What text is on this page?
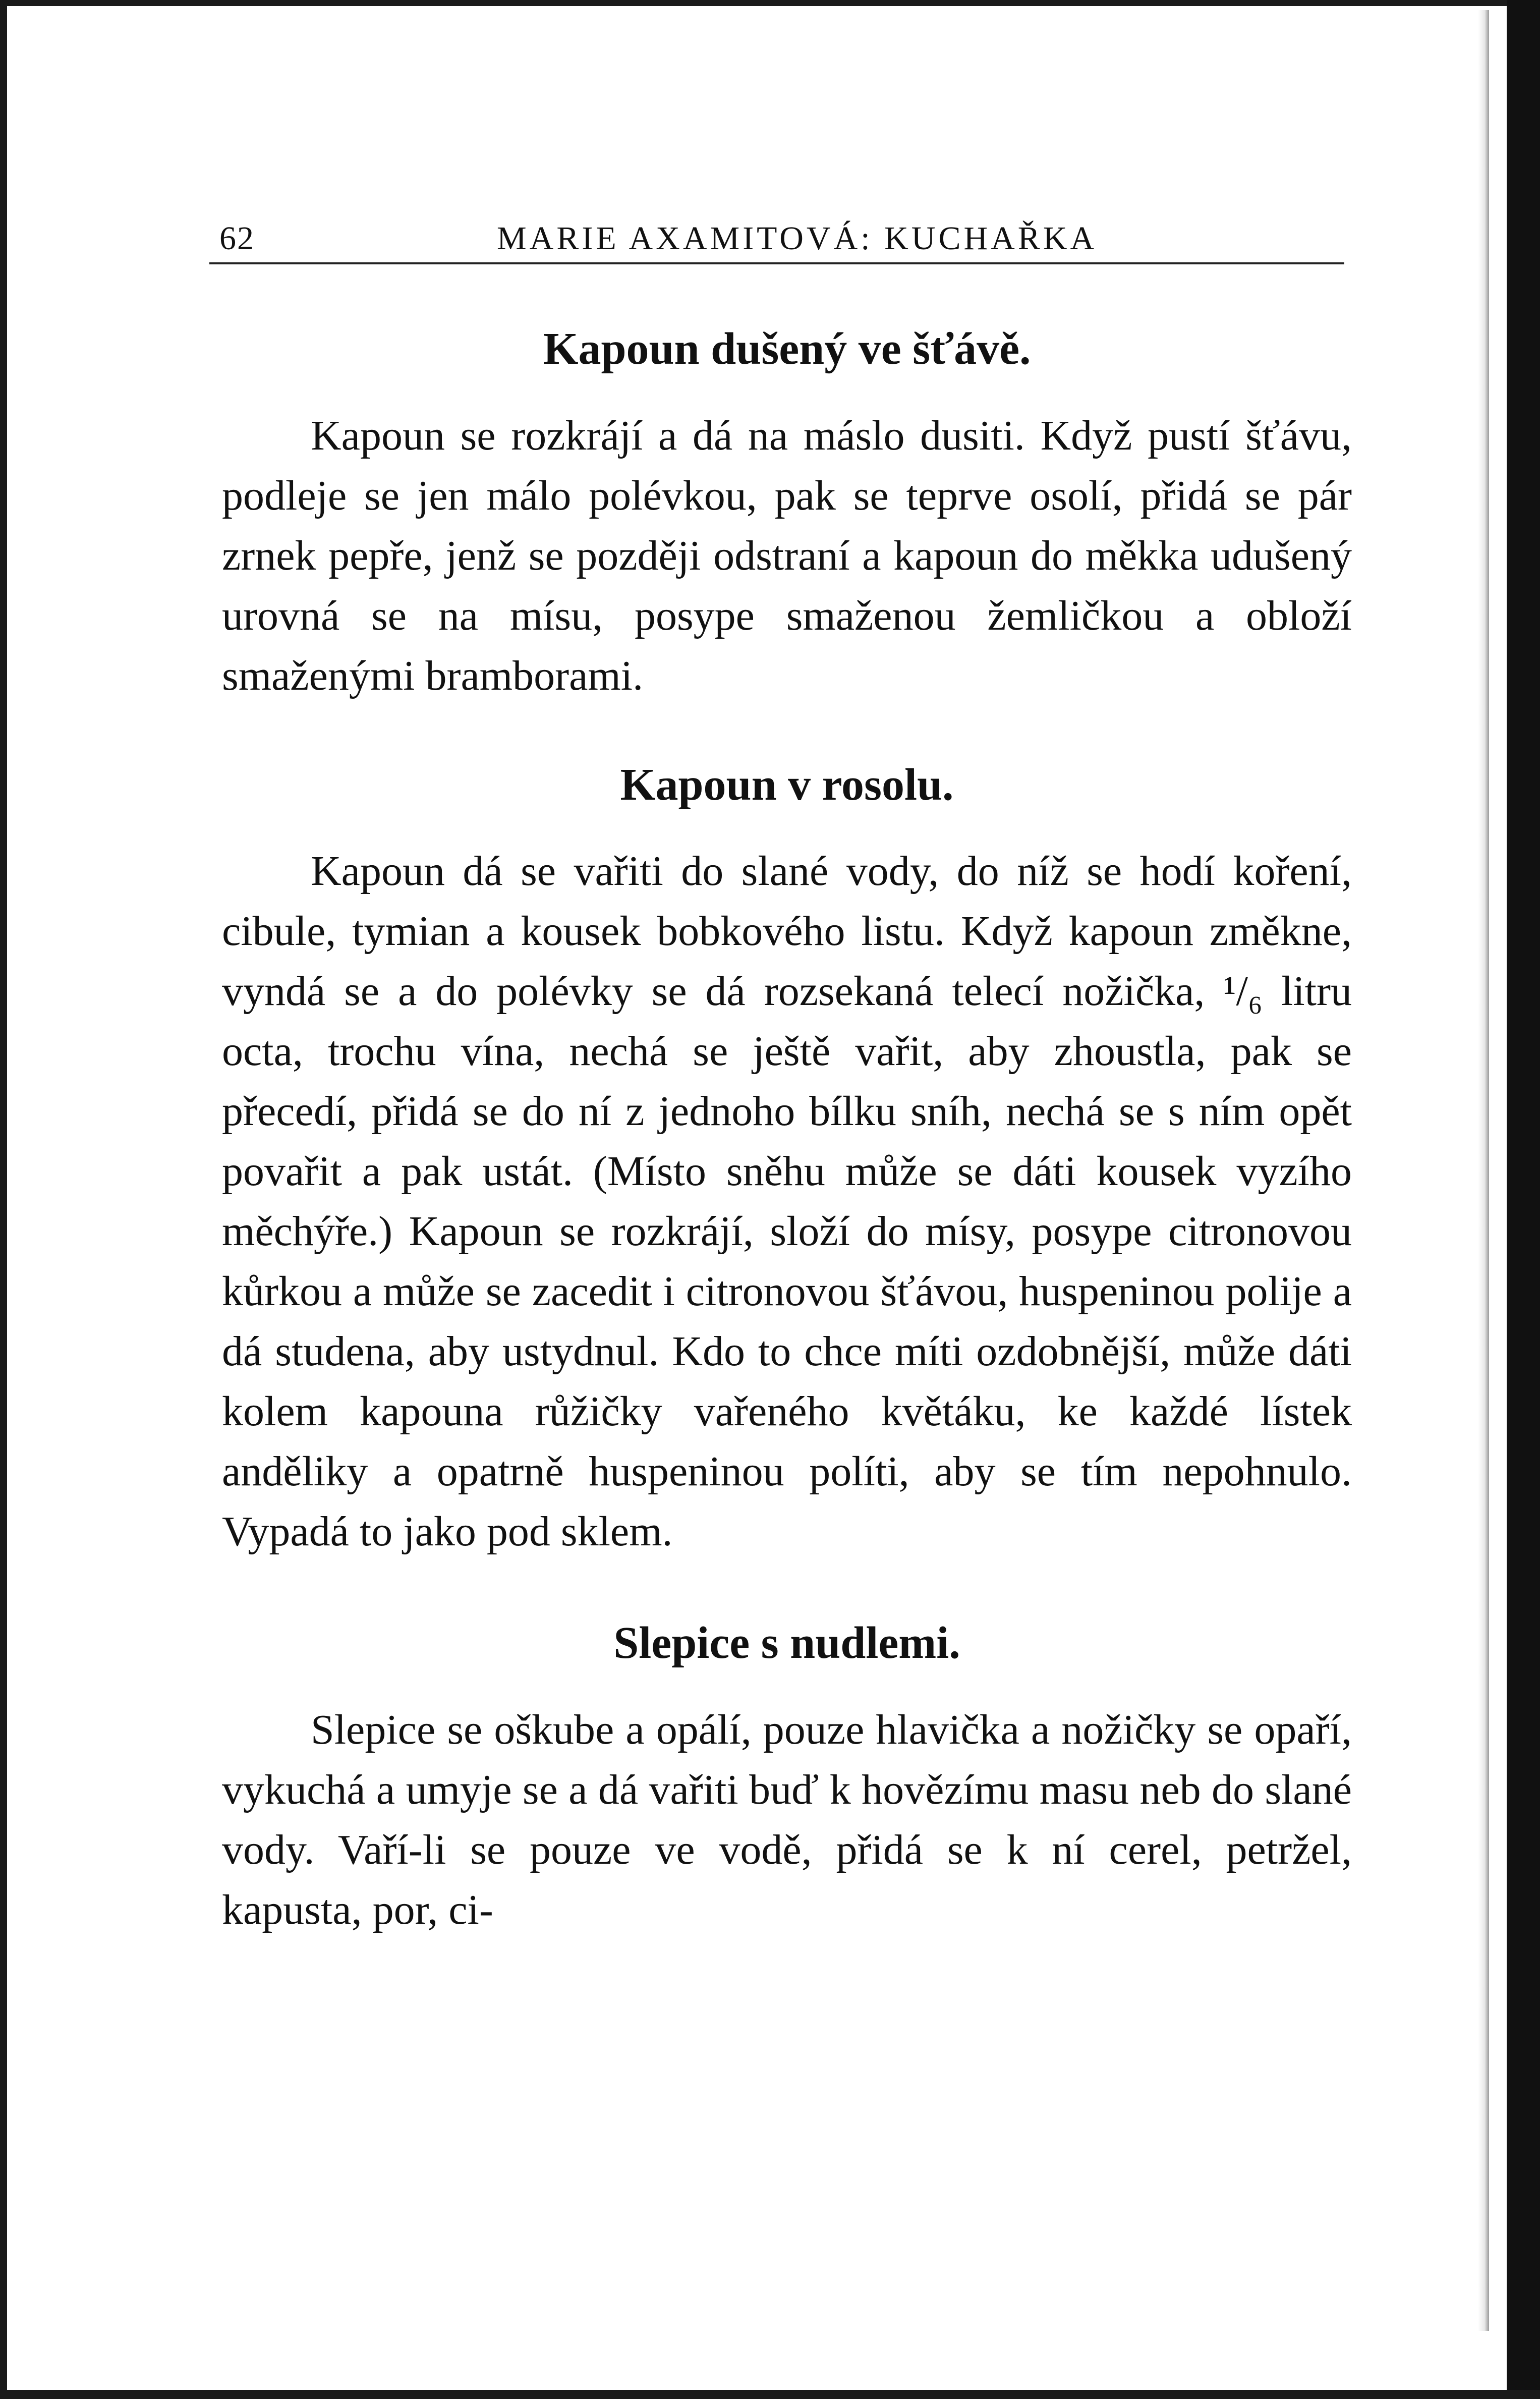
62	MARIE AXAMITOVÁ: KUCHAŘKA
Kapoun dušený ve šťávě.

Kapoun se rozkrájí a dá na máslo dusiti. Když pustí šťávu, podleje se jen málo polévkou, pak se teprve osolí, přidá se pár zrnek pepře, jenž se později odstraní a kapoun do měkka udušený urovná se na mísu, posype smaženou žemličkou a obloží smaženými bramborami.

Kapoun v rosolu.

Kapoun dá se vařiti do slané vody, do níž se hodí koření, cibule, tymian a kousek bobkového listu. Když kapoun změkne, vyndá se a do polévky se dá rozsekaná telecí nožička, ¹/₆ litru octa, trochu vína, nechá se ještě vařit, aby zhoustla, pak se přecedí, přidá se do ní z jednoho bílku sníh, nechá se s ním opět povařit a pak ustát. (Místo sněhu může se dáti kousek vyzího měchýře.) Kapoun se rozkrájí, složí do mísy, posype citronovou kůrkou a může se zacedit i citronovou šťávou, huspeninou polije a dá studena, aby ustydnul. Kdo to chce míti ozdobnější, může dáti kolem kapouna růžičky vařeného květáku, ke každé lístek anděliky a opatrně huspeninou políti, aby se tím nepohnulo. Vypadá to jako pod sklem.

Slepice s nudlemi.

Slepice se oškube a opálí, pouze hlavička a nožičky se opaří, vykuchá a umyje se a dá vařiti buď k hovězímu masu neb do slané vody. Vaří-li se pouze ve vodě, přidá se k ní cerel, petržel, kapusta, por, ci-
